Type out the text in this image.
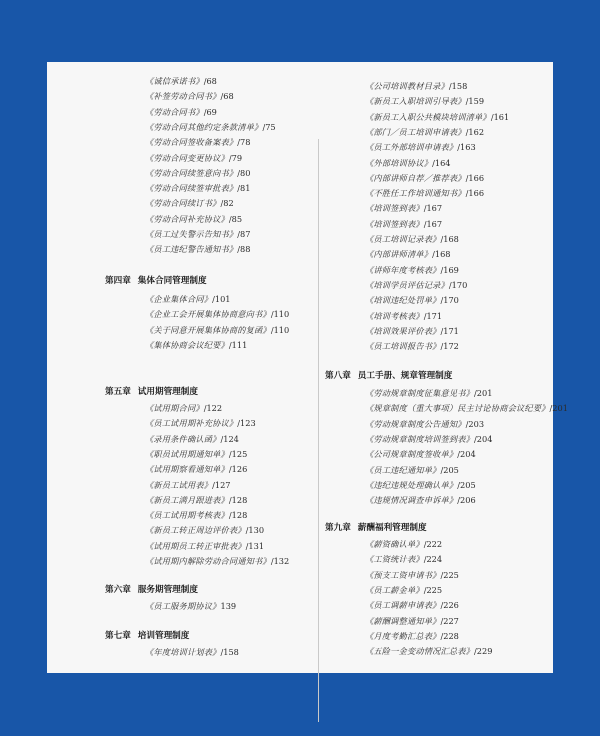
《诚信承诺书》/68
《补签劳动合同书》/68
《劳动合同书》/69
《劳动合同其他约定条款清单》/75
《劳动合同签收备案表》/78
《劳动合同变更协议》/79
《劳动合同续签意向书》/80
《劳动合同续签审批表》/81
《劳动合同续订书》/82
《劳动合同补充协议》/85
《员工过失警示告知书》/87
《员工违纪警告通知书》/88
第四章 集体合同管理制度
《企业集体合同》/101
《企业工会开展集体协商意向书》/110
《关于同意开展集体协商的复函》/110
《集体协商会议纪要》/111
第五章 试用期管理制度
《试用期合同》/122
《员工试用期补充协议》/123
《录用条件确认函》/124
《职员试用期通知单》/125
《试用期察看通知单》/126
《新员工试用表》/127
《新员工满月跟进表》/128
《员工试用期考核表》/128
《新员工转正周边评价表》/130
《试用期员工转正审批表》/131
《试用期内解除劳动合同通知书》/132
第六章 服务期管理制度
《员工服务期协议》139
第七章 培训管理制度
《年度培训计划表》/158
《公司培训教材目录》/158
《新员工入职培训引导表》/159
《新员工入职公共模块培训清单》/161
《部门／员工培训申请表》/162
《员工外部培训申请表》/163
《外部培训协议》/164
《内部讲师自荐／推荐表》/166
《不胜任工作培训通知书》/166
《培训签到表》/167
《培训签到表》/167
《员工培训记录表》/168
《内部讲师清单》/168
《讲师年度考核表》/169
《培训学员评估记录》/170
《培训违纪处罚单》/170
《培训考核表》/171
《培训效果评价表》/171
《员工培训报告书》/172
第八章 员工手册、规章管理制度
《劳动规章制度征集意见书》/201
《规章制度（重大事项）民主讨论协商会议纪要》/201
《劳动规章制度公告通知》/203
《劳动规章制度培训签到表》/204
《公司规章制度签收单》/204
《员工违纪通知单》/205
《违纪违规处理确认单》/205
《违规情况调查申诉单》/206
第九章 薪酬福利管理制度
《薪资确认单》/222
《工资统计表》/224
《预支工资申请书》/225
《员工薪金单》/225
《员工调薪申请表》/226
《薪酬调整通知单》/227
《月度考勤汇总表》/228
《五险一金变动情况汇总表》/229
